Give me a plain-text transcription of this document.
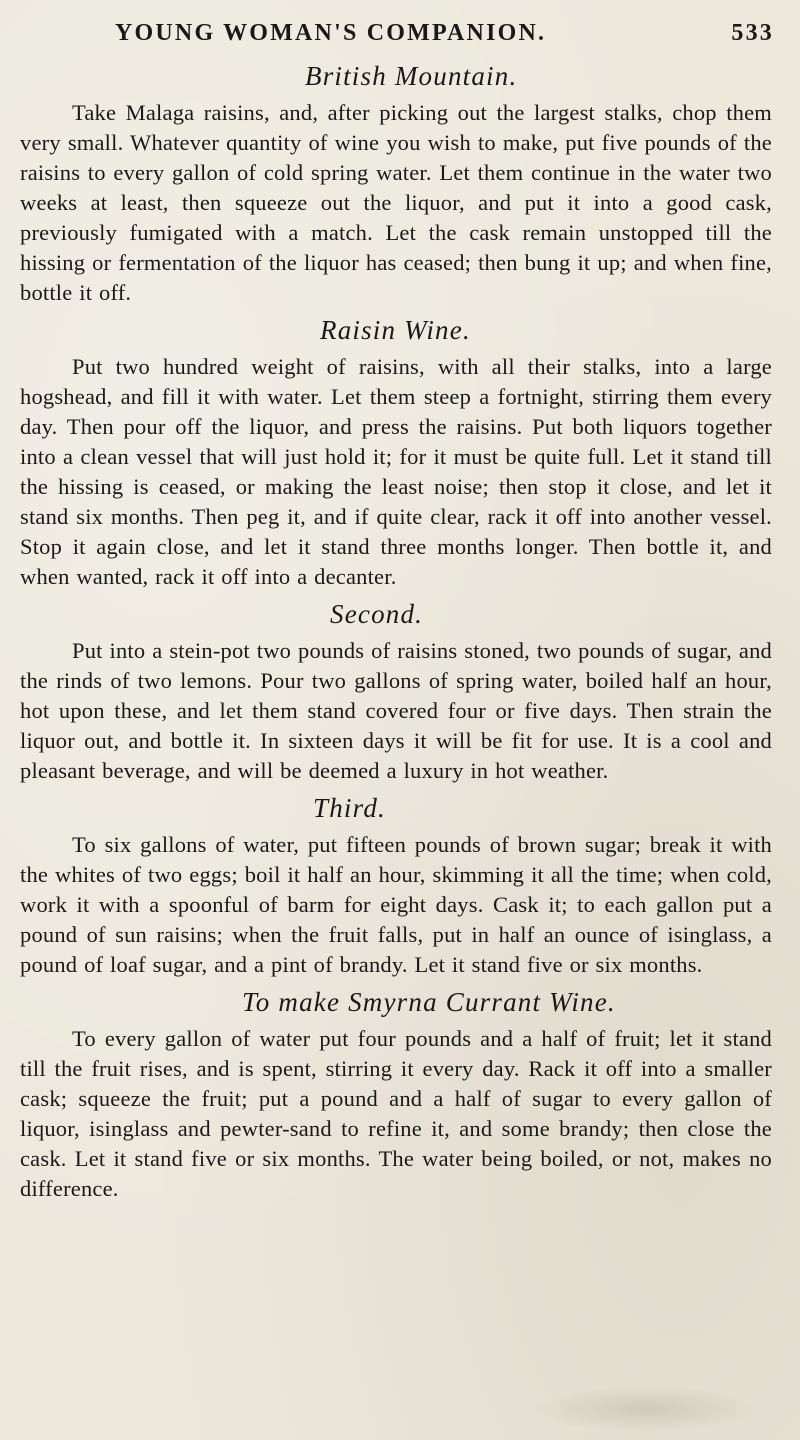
YOUNG WOMAN'S COMPANION.	533
British Mountain.

Take Malaga raisins, and, after picking out the largest stalks, chop them very small. Whatever quantity of wine you wish to make, put five pounds of the raisins to every gallon of cold spring water. Let them continue in the water two weeks at least, then squeeze out the liquor, and put it into a good cask, previously fumigated with a match. Let the cask remain unstopped till the hissing or fermentation of the liquor has ceased; then bung it up; and when fine, bottle it off.

Raisin Wine.

Put two hundred weight of raisins, with all their stalks, into a large hogshead, and fill it with water. Let them steep a fortnight, stirring them every day. Then pour off the liquor, and press the raisins. Put both liquors together into a clean vessel that will just hold it; for it must be quite full. Let it stand till the hissing is ceased, or making the least noise; then stop it close, and let it stand six months. Then peg it, and if quite clear, rack it off into another vessel. Stop it again close, and let it stand three months longer. Then bottle it, and when wanted, rack it off into a decanter.

Second.

Put into a stein-pot two pounds of raisins stoned, two pounds of sugar, and the rinds of two lemons. Pour two gallons of spring water, boiled half an hour, hot upon these, and let them stand covered four or five days. Then strain the liquor out, and bottle it. In sixteen days it will be fit for use. It is a cool and pleasant beverage, and will be deemed a luxury in hot weather.

Third.

To six gallons of water, put fifteen pounds of brown sugar; break it with the whites of two eggs; boil it half an hour, skimming it all the time; when cold, work it with a spoonful of barm for eight days. Cask it; to each gallon put a pound of sun raisins; when the fruit falls, put in half an ounce of isinglass, a pound of loaf sugar, and a pint of brandy. Let it stand five or six months.

To make Smyrna Currant Wine.

To every gallon of water put four pounds and a half of fruit; let it stand till the fruit rises, and is spent, stirring it every day. Rack it off into a smaller cask; squeeze the fruit; put a pound and a half of sugar to every gallon of liquor, isinglass and pewter-sand to refine it, and some brandy; then close the cask. Let it stand five or six months. The water being boiled, or not, makes no difference.
